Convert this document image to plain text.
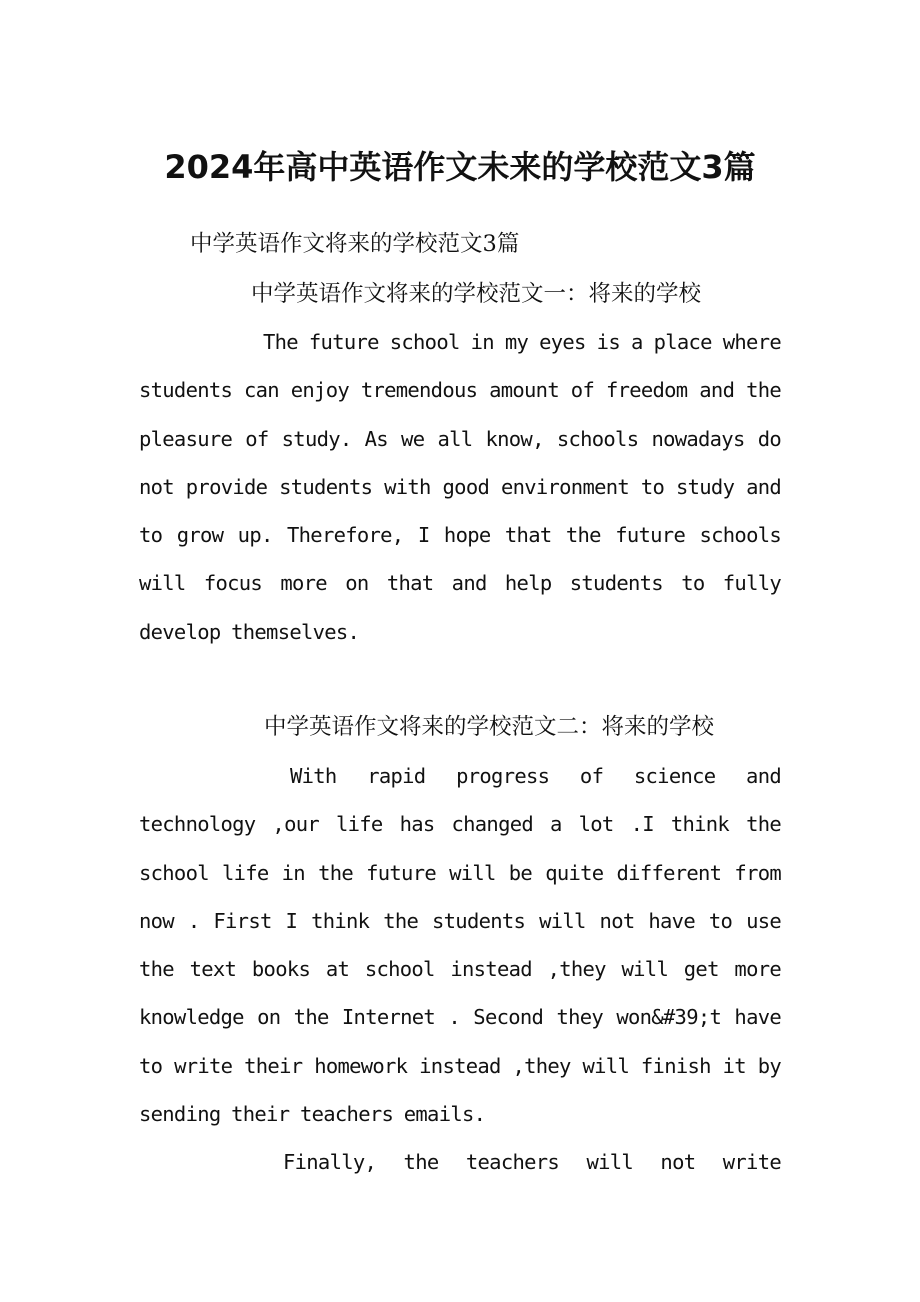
2024年高中英语作文未来的学校范文3篇

中学英语作文将来的学校范文3篇

中学英语作文将来的学校范文一：将来的学校

The future school in my eyes is a place where students can enjoy tremendous amount of freedom and the pleasure of study. As we all know, schools nowadays do not provide students with good environment to study and to grow up. Therefore, I hope that the future schools will focus more on that and help students to fully develop themselves.

中学英语作文将来的学校范文二：将来的学校

With rapid progress of science and technology ,our life has changed a lot .I think the school life in the future will be quite different from now . First I think the students will not have to use the text books at school instead ,they will get more knowledge on the Internet . Second they won&#39;t have to write their homework instead ,they will finish it by sending their teachers emails.

Finally, the teachers will not write
